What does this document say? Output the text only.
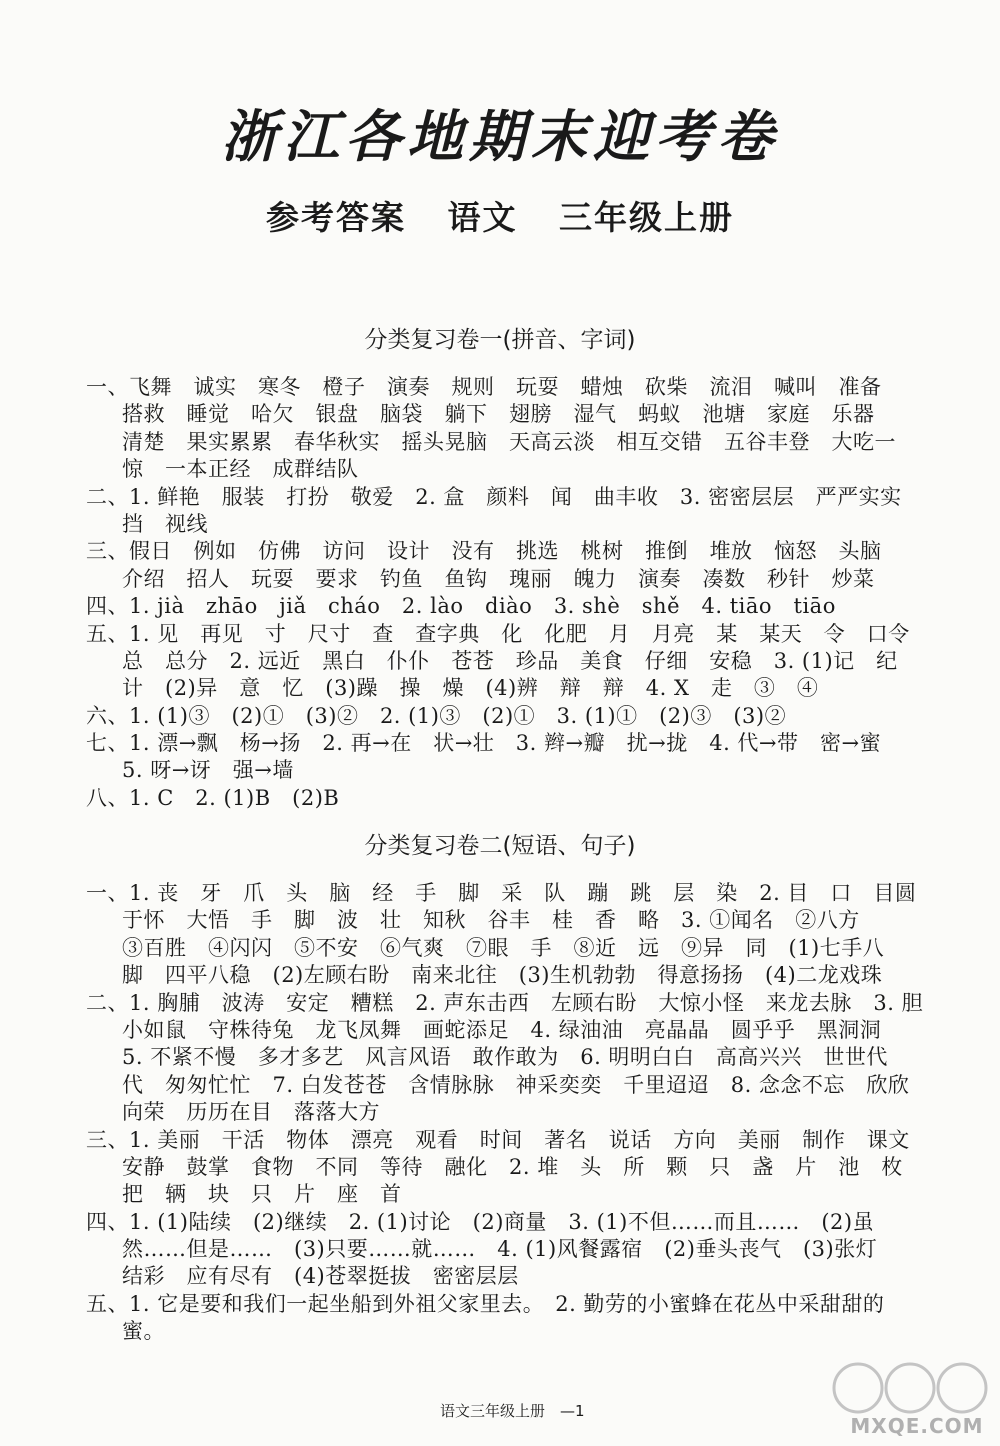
浙江各地期末迎考卷
参考答案 语文 三年级上册
分类复习卷一(拼音、字词)
一、飞舞　诚实　寒冬　橙子　演奏　规则　玩耍　蜡烛　砍柴　流泪　喊叫　准备
搭救　睡觉　哈欠　银盘　脑袋　躺下　翅膀　湿气　蚂蚁　池塘　家庭　乐器
清楚　果实累累　春华秋实　摇头晃脑　天高云淡　相互交错　五谷丰登　大吃一
惊　一本正经　成群结队
二、1. 鲜艳　服装　打扮　敬爱　2. 盒　颜料　闻　曲丰收　3. 密密层层　严严实实
挡　视线
三、假日　例如　仿佛　访问　设计　没有　挑选　桃树　推倒　堆放　恼怒　头脑
介绍　招人　玩耍　要求　钓鱼　鱼钩　瑰丽　魄力　演奏　凑数　秒针　炒菜
四、1. jià　zhāo　jiǎ　cháo　2. lào　diào　3. shè　shě　4. tiāo　tiāo
五、1. 见　再见　寸　尺寸　查　查字典　化　化肥　月　月亮　某　某天　令　口令
总　总分　2. 远近　黑白　仆仆　苍苍　珍品　美食　仔细　安稳　3. (1)记　纪
计　(2)异　意　忆　(3)躁　操　燥　(4)辨　辩　辩　4. X　走　③　④
六、1. (1)③　(2)①　(3)②　2. (1)③　(2)①　3. (1)①　(2)③　(3)②
七、1. 漂→飘　杨→扬　2. 再→在　状→壮　3. 辫→瓣　扰→拢　4. 代→带　密→蜜
5. 呀→讶　强→墙
八、1. C　2. (1)B　(2)B
分类复习卷二(短语、句子)
一、1. 丧　牙　爪　头　脑　经　手　脚　采　队　蹦　跳　层　染　2. 目　口　目圆
于怀　大悟　手　脚　波　壮　知秋　谷丰　桂　香　略　3. ①闻名　②八方
③百胜　④闪闪　⑤不安　⑥气爽　⑦眼　手　⑧近　远　⑨异　同　(1)七手八
脚　四平八稳　(2)左顾右盼　南来北往　(3)生机勃勃　得意扬扬　(4)二龙戏珠
二、1. 胸脯　波涛　安定　糟糕　2. 声东击西　左顾右盼　大惊小怪　来龙去脉　3. 胆
小如鼠　守株待兔　龙飞凤舞　画蛇添足　4. 绿油油　亮晶晶　圆乎乎　黑洞洞
5. 不紧不慢　多才多艺　风言风语　敢作敢为　6. 明明白白　高高兴兴　世世代
代　匆匆忙忙　7. 白发苍苍　含情脉脉　神采奕奕　千里迢迢　8. 念念不忘　欣欣
向荣　历历在目　落落大方
三、1. 美丽　干活　物体　漂亮　观看　时间　著名　说话　方向　美丽　制作　课文
安静　鼓掌　食物　不同　等待　融化　2. 堆　头　所　颗　只　盏　片　池　枚
把　辆　块　只　片　座　首
四、1. (1)陆续　(2)继续　2. (1)讨论　(2)商量　3. (1)不但……而且……　(2)虽
然……但是……　(3)只要……就……　4. (1)风餐露宿　(2)垂头丧气　(3)张灯
结彩　应有尽有　(4)苍翠挺拔　密密层层
五、1. 它是要和我们一起坐船到外祖父家里去。　2. 勤劳的小蜜蜂在花丛中采甜甜的
蜜。
语文三年级上册　—1
MXQE.COM
